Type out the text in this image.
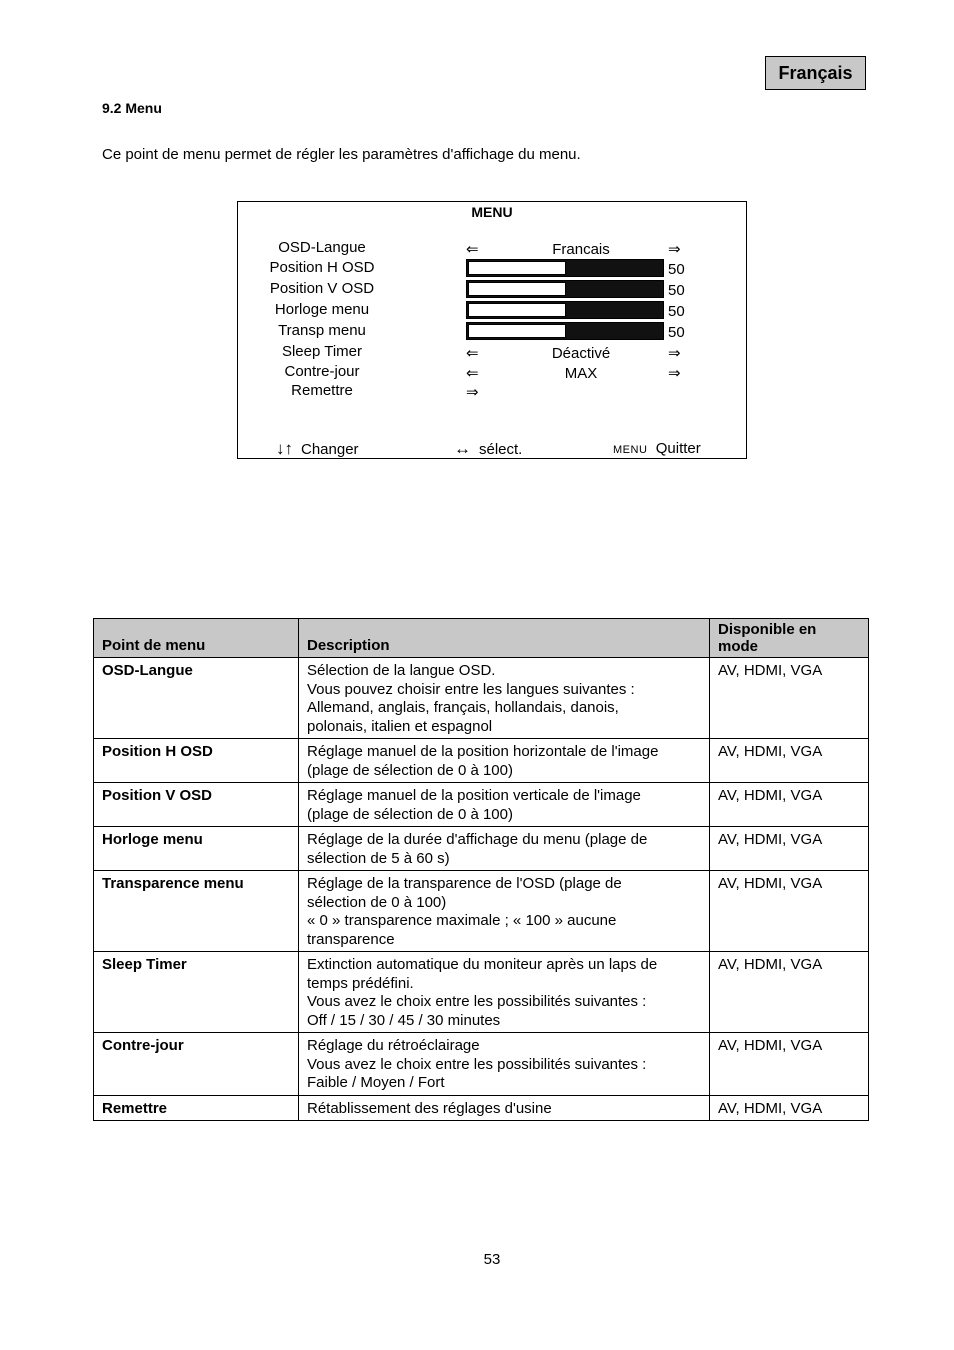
Français
9.2 Menu
Ce point de menu permet de régler les paramètres d'affichage du menu.
MENU
↓↑ Changer	↔ sélect.	MENU Quitter
OSD-Langue	⇐	Francais	⇒
Position H OSD	50
Position V OSD	50
Horloge menu	50
Transp menu	50
Sleep Timer	⇐	Déactivé	⇒
Contre-jour	⇐	MAX	⇒
Remettre	⇒
Point de menu	Description	Disponible en mode
OSD-Langue	Sélection de la langue OSD.
Vous pouvez choisir entre les langues suivantes :
Allemand, anglais, français, hollandais, danois,
polonais, italien et espagnol	AV, HDMI, VGA
Position H OSD	Réglage manuel de la position horizontale de l'image
(plage de sélection de 0 à 100)	AV, HDMI, VGA
Position V OSD	Réglage manuel de la position verticale de l'image
(plage de sélection de 0 à 100)	AV, HDMI, VGA
Horloge menu	Réglage de la durée d'affichage du menu (plage de
sélection de 5 à 60 s)	AV, HDMI, VGA
Transparence menu	Réglage de la transparence de l'OSD (plage de
sélection de 0 à 100)
« 0 » transparence maximale ; « 100 » aucune
transparence	AV, HDMI, VGA
Sleep Timer	Extinction automatique du moniteur après un laps de
temps prédéfini.
Vous avez le choix entre les possibilités suivantes :
Off / 15 / 30 / 45 / 30 minutes	AV, HDMI, VGA
Contre-jour	Réglage du rétroéclairage
Vous avez le choix entre les possibilités suivantes :
Faible / Moyen / Fort	AV, HDMI, VGA
Remettre	Rétablissement des réglages d'usine	AV, HDMI, VGA
53
